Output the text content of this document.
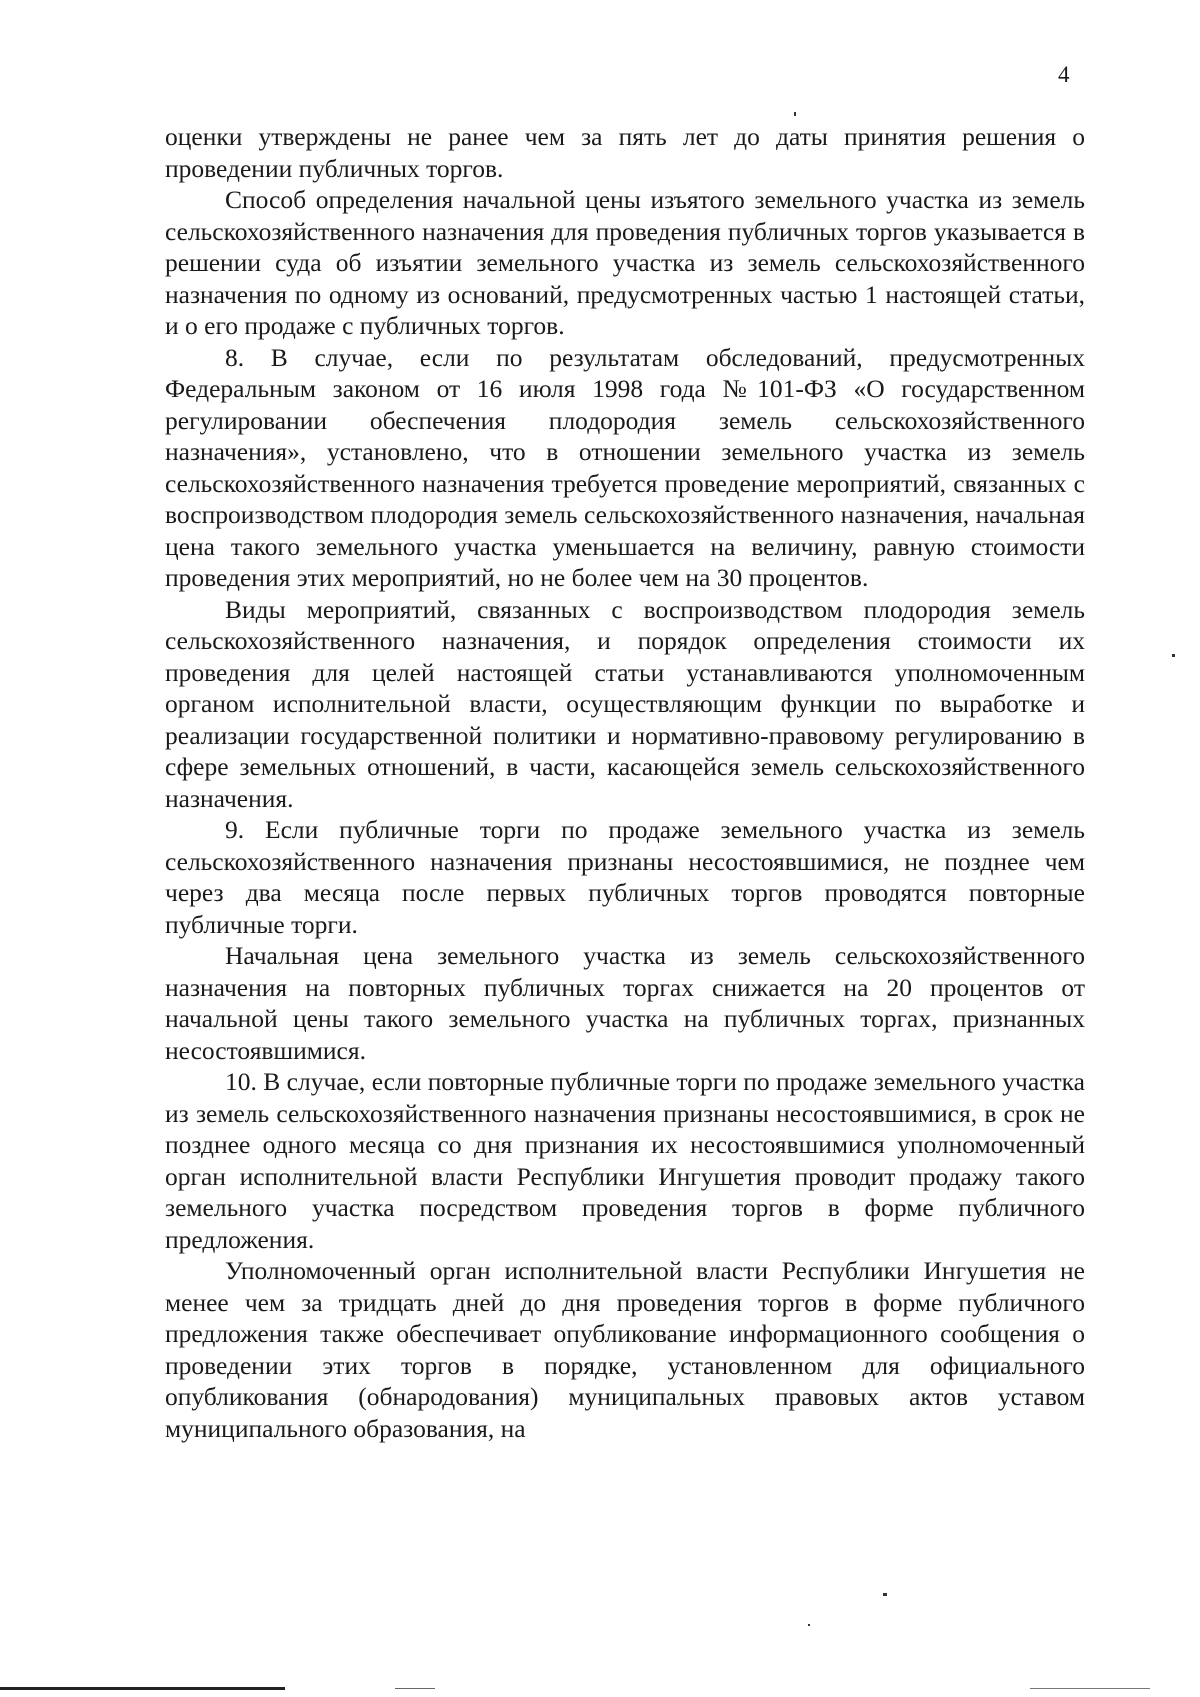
4

оценки утверждены не ранее чем за пять лет до даты принятия решения о проведении публичных торгов.

Способ определения начальной цены изъятого земельного участка из земель сельскохозяйственного назначения для проведения публичных торгов указывается в решении суда об изъятии земельного участка из земель сельскохозяйственного назначения по одному из оснований, предусмотренных частью 1 настоящей статьи, и о его продаже с публичных торгов.

8. В случае, если по результатам обследований, предусмотренных Федеральным законом от 16 июля 1998 года №101-ФЗ «О государственном регулировании обеспечения плодородия земель сельскохозяйственного назначения», установлено, что в отношении земельного участка из земель сельскохозяйственного назначения требуется проведение мероприятий, связанных с воспроизводством плодородия земель сельскохозяйственного назначения, начальная цена такого земельного участка уменьшается на величину, равную стоимости проведения этих мероприятий, но не более чем на 30 процентов.

Виды мероприятий, связанных с воспроизводством плодородия земель сельскохозяйственного назначения, и порядок определения стоимости их проведения для целей настоящей статьи устанавливаются уполномоченным органом исполнительной власти, осуществляющим функции по выработке и реализации государственной политики и нормативно-правовому регулированию в сфере земельных отношений, в части, касающейся земель сельскохозяйственного назначения.

9. Если публичные торги по продаже земельного участка из земель сельскохозяйственного назначения признаны несостоявшимися, не позднее чем через два месяца после первых публичных торгов проводятся повторные публичные торги.

Начальная цена земельного участка из земель сельскохозяйственного назначения на повторных публичных торгах снижается на 20 процентов от начальной цены такого земельного участка на публичных торгах, признанных несостоявшимися.

10. В случае, если повторные публичные торги по продаже земельного участка из земель сельскохозяйственного назначения признаны несостоявшимися, в срок не позднее одного месяца со дня признания их несостоявшимися уполномоченный орган исполнительной власти Республики Ингушетия проводит продажу такого земельного участка посредством проведения торгов в форме публичного предложения.

Уполномоченный орган исполнительной власти Республики Ингушетия не менее чем за тридцать дней до дня проведения торгов в форме публичного предложения также обеспечивает опубликование информационного сообщения о проведении этих торгов в порядке, установленном для официального опубликования (обнародования) муниципальных правовых актов уставом муниципального образования, на
